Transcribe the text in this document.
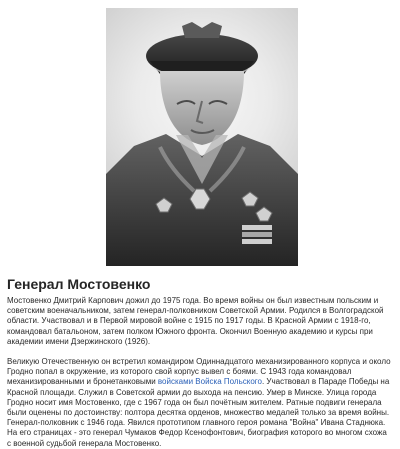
Генерал Мостовенко

Мостовенко Дмитрий Карпович дожил до 1975 года. Во время войны он был известным польским и советским военачальником, затем генерал-полковником Советской Армии. Родился в Волгоградской области. Участвовал и в Первой мировой войне с 1915 по 1917 годы. В Красной Армии с 1918-го, командовал батальоном, затем полком Южного фронта. Окончил Военную академию и курсы при академии имени Дзержинского (1926).

Великую Отечественную он встретил командиром Одиннадцатого механизированного корпуса и около Гродно попал в окружение, из которого свой корпус вывел с боями. С 1943 года командовал механизированными и бронетанковыми войсками Войска Польского. Участвовал в Параде Победы на Красной площади. Служил в Советской армии до выхода на пенсию. Умер в Минске. Улица города Гродно носит имя Мостовенко, где с 1967 года он был почётным жителем. Ратные подвиги генерала были оценены по достоинству: полтора десятка орденов, множество медалей только за время войны. Генерал-полковник с 1946 года. Явился прототипом главного героя романа "Война" Ивана Стаднюка. На его страницах - это генерал Чумаков Федор Ксенофонтович, биография которого во многом схожа с военной судьбой генерала Мостовенко.
